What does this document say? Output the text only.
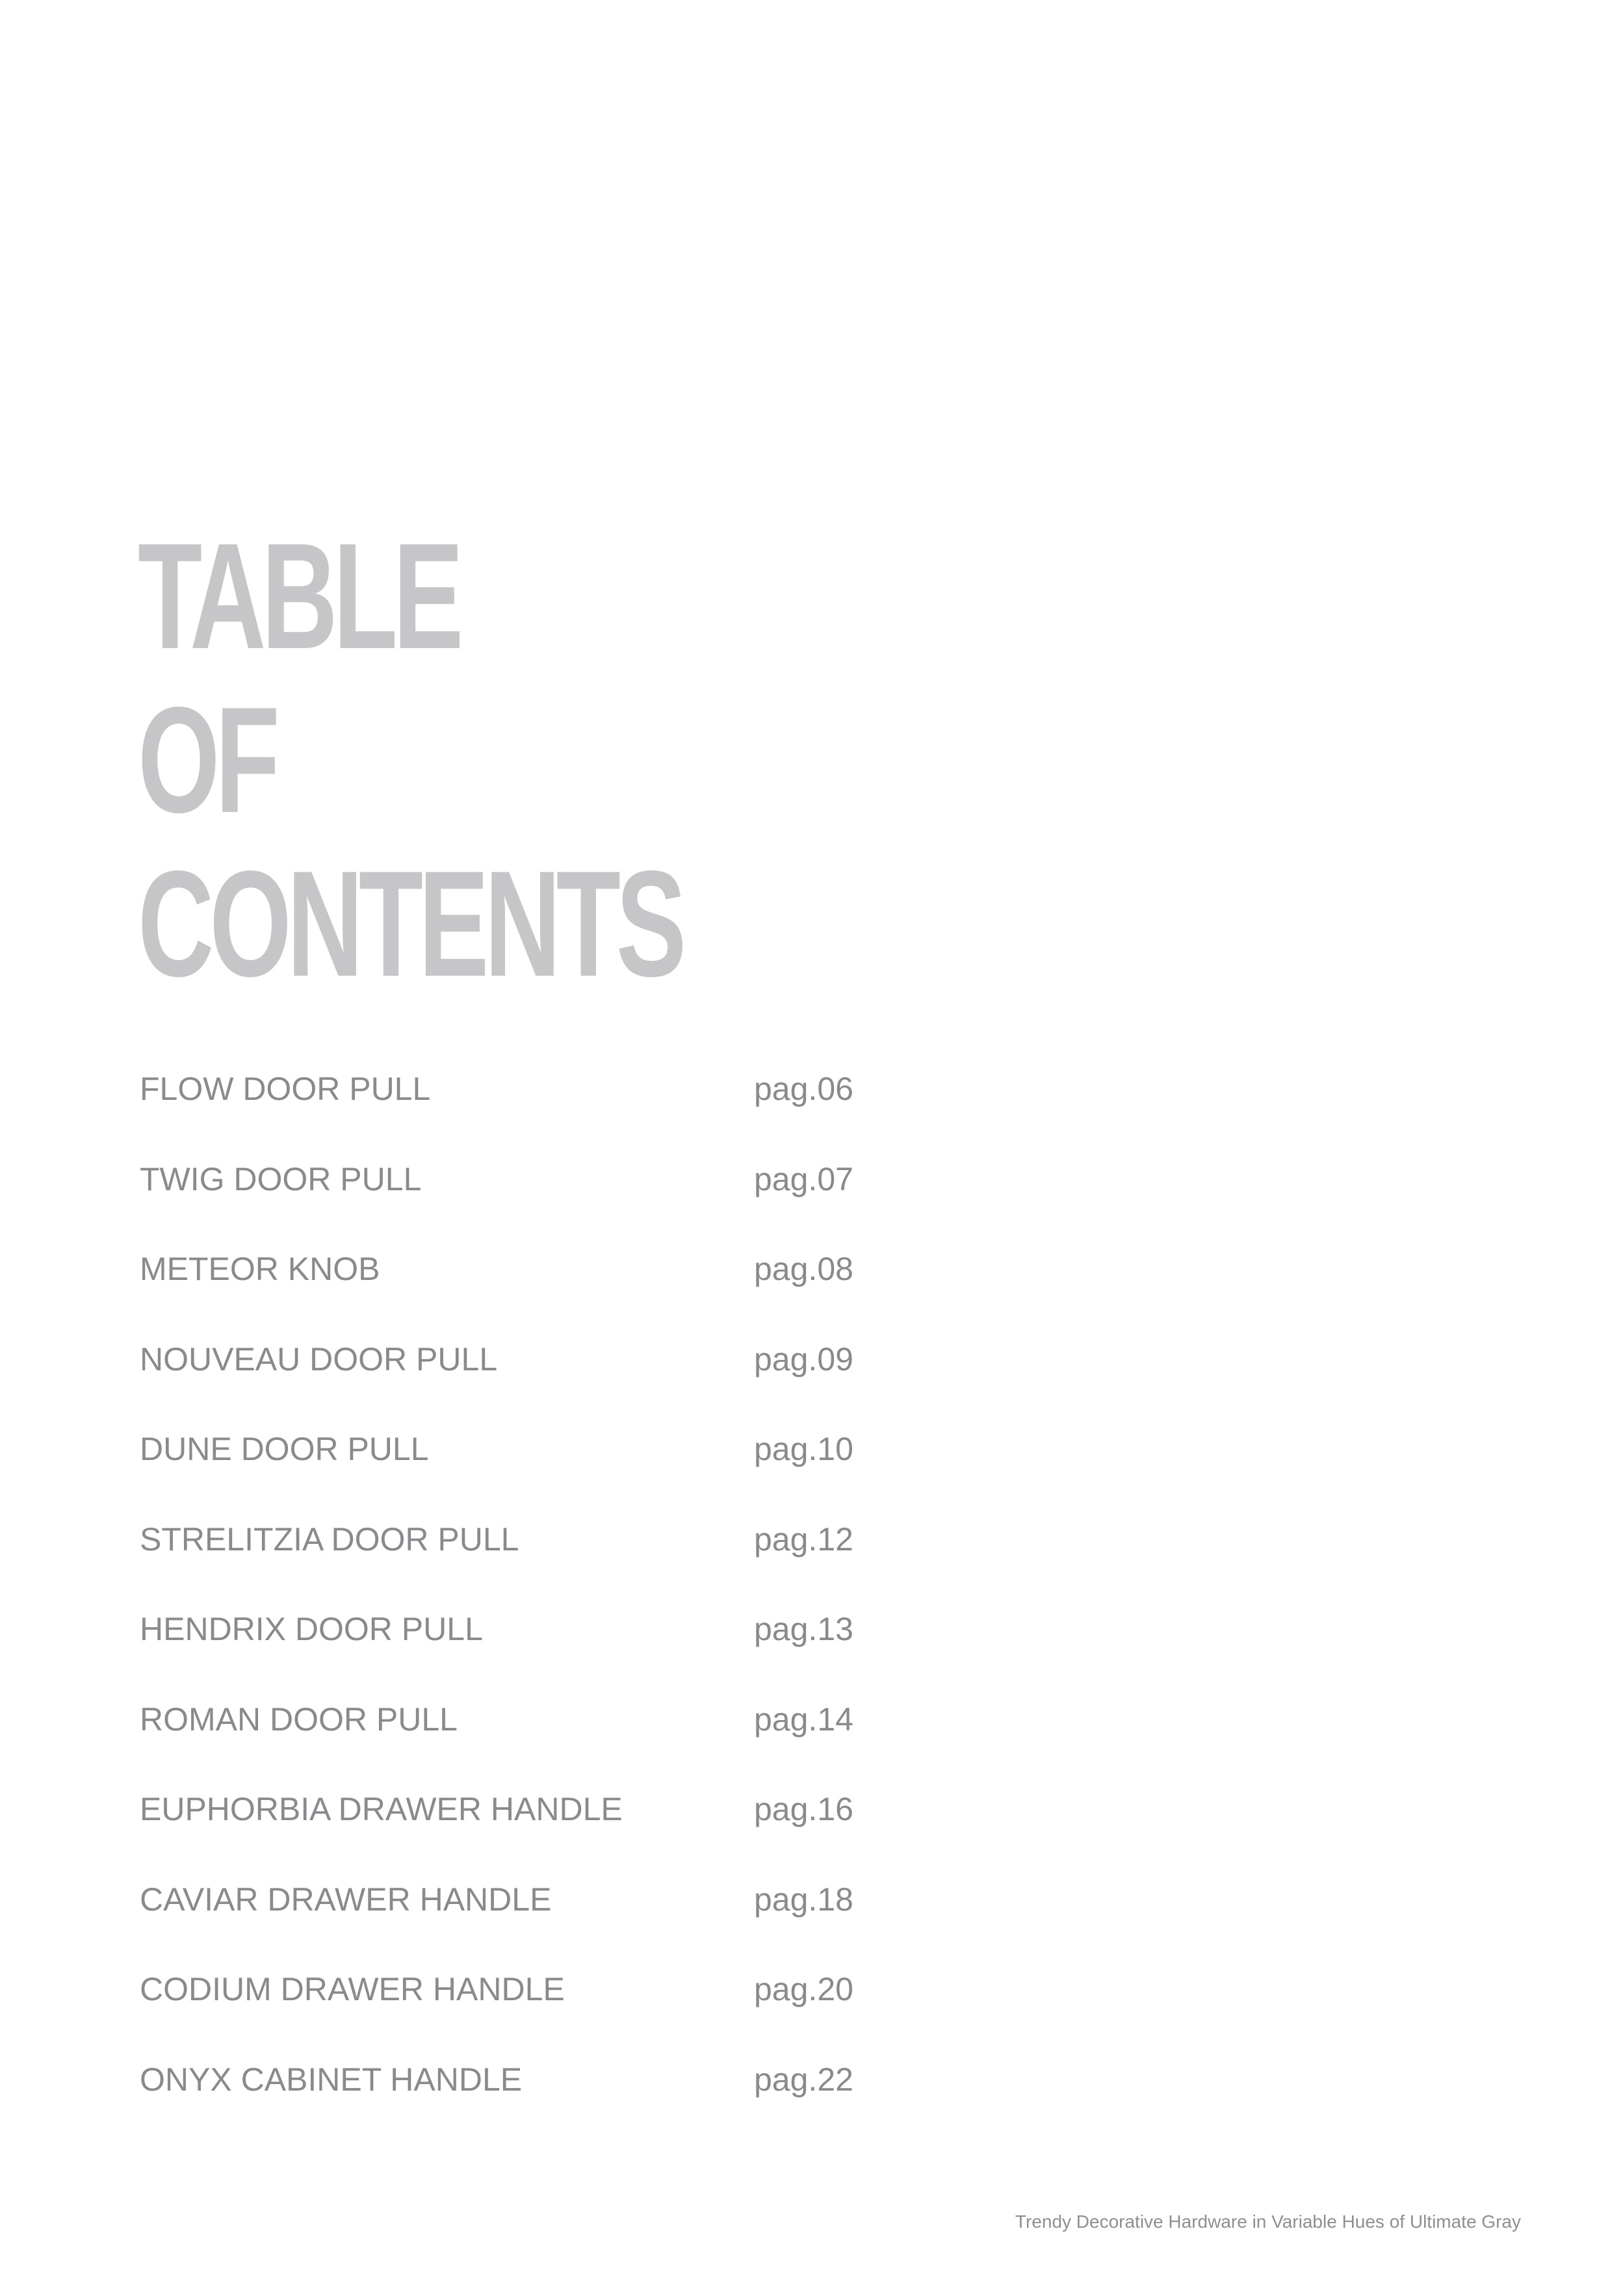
TABLE
OF
CONTENTS
FLOW DOOR PULL	pag.06
TWIG DOOR PULL	pag.07
METEOR KNOB	pag.08
NOUVEAU DOOR PULL	pag.09
DUNE DOOR PULL	pag.10
STRELITZIA DOOR PULL	pag.12
HENDRIX DOOR PULL	pag.13
ROMAN DOOR PULL	pag.14
EUPHORBIA DRAWER HANDLE	pag.16
CAVIAR DRAWER HANDLE	pag.18
CODIUM DRAWER HANDLE	pag.20
ONYX CABINET HANDLE	pag.22
Trendy Decorative Hardware in Variable Hues of Ultimate Gray
